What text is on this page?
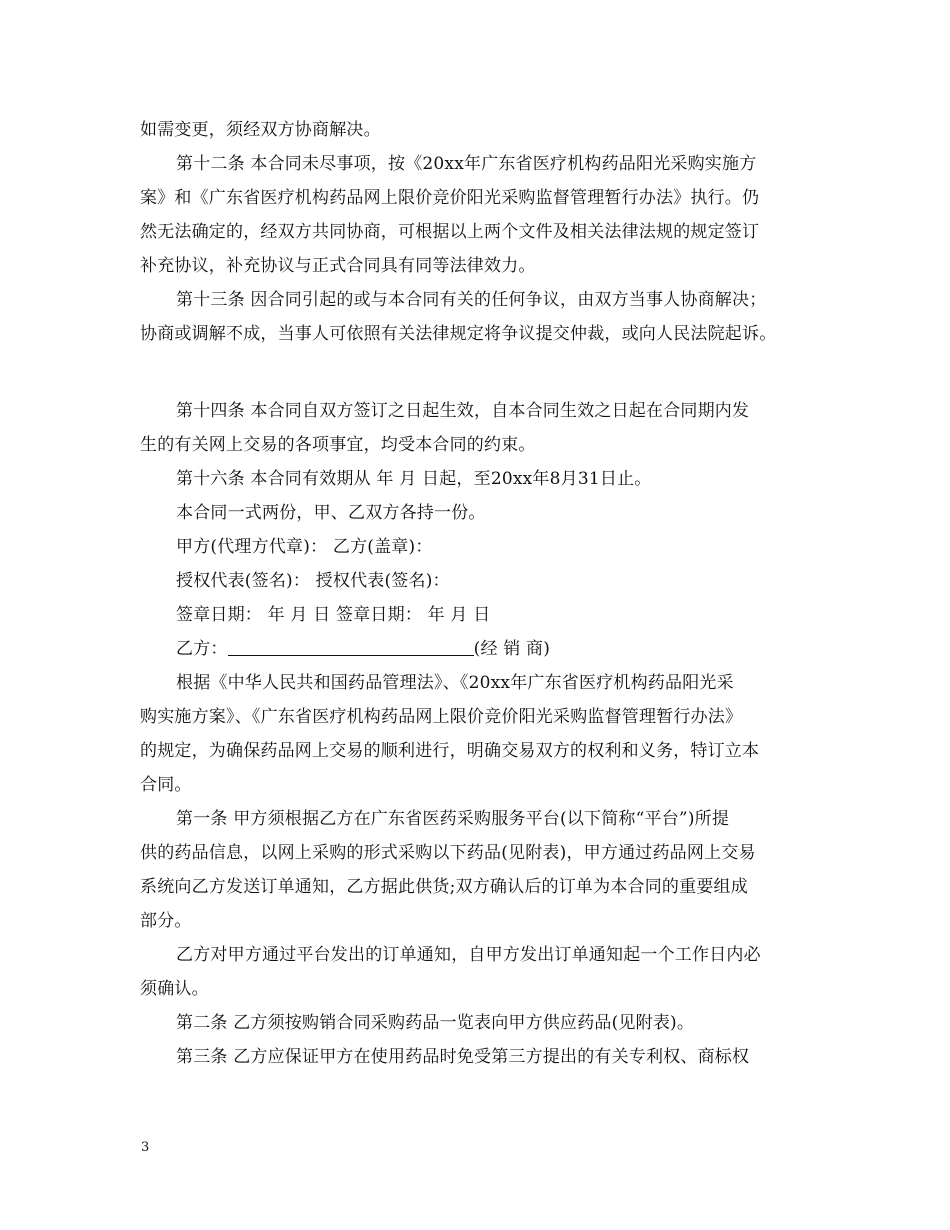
如需变更，须经双方协商解决。
第十二条 本合同未尽事项，按《20xx年广东省医疗机构药品阳光采购实施方
案》和《广东省医疗机构药品网上限价竞价阳光采购监督管理暂行办法》执行。仍
然无法确定的，经双方共同协商，可根据以上两个文件及相关法律法规的规定签订
补充协议，补充协议与正式合同具有同等法律效力。
第十三条 因合同引起的或与本合同有关的任何争议，由双方当事人协商解决；
协商或调解不成，当事人可依照有关法律规定将争议提交仲裁，或向人民法院起诉。
第十四条 本合同自双方签订之日起生效，自本合同生效之日起在合同期内发
生的有关网上交易的各项事宜，均受本合同的约束。
第十六条 本合同有效期从 年 月 日起，至20xx年8月31日止。
本合同一式两份，甲、乙双方各持一份。
甲方(代理方代章)： 乙方(盖章)：
授权代表(签名)： 授权代表(签名)：
签章日期： 年 月 日 签章日期： 年 月 日
乙方：	(经 销 商)
根据《中华人民共和国药品管理法》、《20xx年广东省医疗机构药品阳光采
购实施方案》、《广东省医疗机构药品网上限价竞价阳光采购监督管理暂行办法》
的规定，为确保药品网上交易的顺利进行，明确交易双方的权利和义务，特订立本
合同。
第一条 甲方须根据乙方在广东省医药采购服务平台(以下简称“平台”)所提
供的药品信息，以网上采购的形式采购以下药品(见附表)，甲方通过药品网上交易
系统向乙方发送订单通知，乙方据此供货;双方确认后的订单为本合同的重要组成
部分。
乙方对甲方通过平台发出的订单通知，自甲方发出订单通知起一个工作日内必
须确认。
第二条 乙方须按购销合同采购药品一览表向甲方供应药品(见附表)。
第三条 乙方应保证甲方在使用药品时免受第三方提出的有关专利权、商标权
3
